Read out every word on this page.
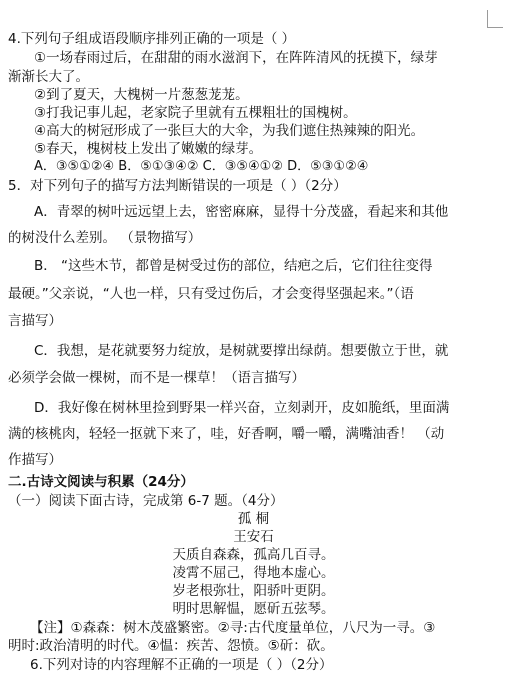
4.下列句子组成语段顺序排列正确的一项是（ ）
①一场春雨过后，在甜甜的雨水滋润下，在阵阵清风的抚摸下，绿芽
渐渐长大了。
②到了夏天，大槐树一片葱葱茏茏。
③打我记事儿起，老家院子里就有五棵粗壮的国槐树。
④高大的树冠形成了一张巨大的大伞，为我们遮住热辣辣的阳光。
⑤春天，槐树枝上发出了嫩嫩的绿芽。
A．③⑤①②④ B．⑤①③④② C．③⑤④①② D．⑤③①②④
5．对下列句子的描写方法判断错误的一项是（ ）（2分）
A．青翠的树叶远远望上去，密密麻麻，显得十分茂盛，看起来和其他
的树没什么差别。 （景物描写）
B． “这些木节，都曾是树受过伤的部位，结疤之后，它们往往变得
最硬。”父亲说，“人也一样，只有受过伤后，才会变得坚强起来。”（语
言描写）
C．我想，是花就要努力绽放，是树就要撑出绿荫。想要傲立于世，就
必须学会做一棵树，而不是一棵草！（语言描写）
D．我好像在树林里捡到野果一样兴奋，立刻剥开，皮如脆纸，里面满
满的核桃肉，轻轻一抠就下来了，哇，好香啊，嚼一嚼，满嘴油香！ （动
作描写）
二.古诗文阅读与积累（24分）
（一）阅读下面古诗，完成第 6-7 题。（4分）
孤 桐
王安石
天质自森森，孤高几百寻。
凌霄不屈己，得地本虚心。
岁老根弥壮，阳骄叶更阴。
明时思解愠，愿斫五弦琴。
【注】①森森：树木茂盛繁密。②寻:古代度量单位，八尺为一寻。③
明时:政治清明的时代。④愠：疾苦、怨愤。⑤斫：砍。
6.下列对诗的内容理解不正确的一项是（ ）（2分）
